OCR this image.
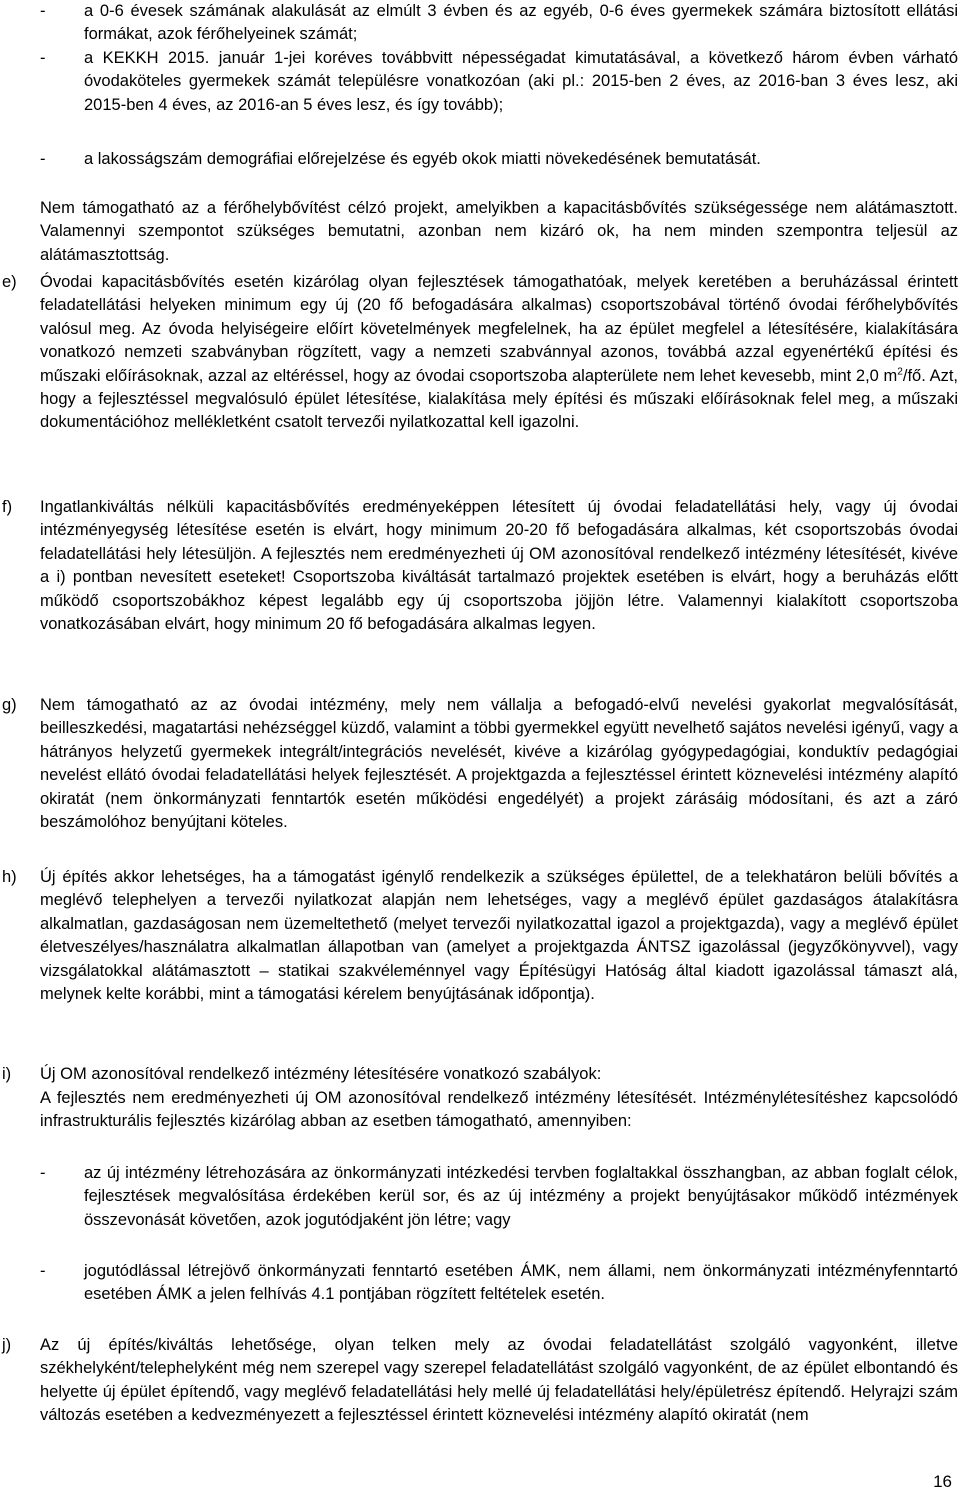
-	a 0-6 évesek számának alakulását az elmúlt 3 évben és az egyéb, 0-6 éves gyermekek számára biztosított ellátási formákat, azok férőhelyeinek számát;
-	a KEKKH 2015. január 1-jei koréves továbbvitt népességadat kimutatásával, a következő három évben várható óvodaköteles gyermekek számát településre vonatkozóan (aki pl.: 2015-ben 2 éves, az 2016-ban 3 éves lesz, aki 2015-ben 4 éves, az 2016-an 5 éves lesz, és így tovább);
-	a lakosságszám demográfiai előrejelzése és egyéb okok miatti növekedésének bemutatását.
Nem támogatható az a férőhelybővítést célzó projekt, amelyikben a kapacitásbővítés szükségessége nem alátámasztott. Valamennyi szempontot szükséges bemutatni, azonban nem kizáró ok, ha nem minden szempontra teljesül az alátámasztottság.
e)	Óvodai kapacitásbővítés esetén kizárólag olyan fejlesztések támogathatóak, melyek keretében a beruházással érintett feladatellátási helyeken minimum egy új (20 fő befogadására alkalmas) csoportszobával történő óvodai férőhelybővítés valósul meg. Az óvoda helyiségeire előírt követelmények megfelelnek, ha az épület megfelel a létesítésére, kialakítására vonatkozó nemzeti szabványban rögzített, vagy a nemzeti szabvánnyal azonos, továbbá azzal egyenértékű építési és műszaki előírásoknak, azzal az eltéréssel, hogy az óvodai csoportszoba alapterülete nem lehet kevesebb, mint 2,0 $m^2/fő$. Azt, hogy a fejlesztéssel megvalósuló épület létesítése, kialakítása mely építési és műszaki előírásoknak felel meg, a műszaki dokumentációhoz mellékletként csatolt tervezői nyilatkozattal kell igazolni.
f)	Ingatlankiváltás nélküli kapacitásbővítés eredményeképpen létesített új óvodai feladatellátási hely, vagy új óvodai intézményegység létesítése esetén is elvárt, hogy minimum 20-20 fő befogadására alkalmas, két csoportszobás óvodai feladatellátási hely létesüljön. A fejlesztés nem eredményezheti új OM azonosítóval rendelkező intézmény létesítését, kivéve a i) pontban nevesített eseteket! Csoportszoba kiváltását tartalmazó projektek esetében is elvárt, hogy a beruházás előtt működő csoportszobákhoz képest legalább egy új csoportszoba jöjjön létre. Valamennyi kialakított csoportszoba vonatkozásában elvárt, hogy minimum 20 fő befogadására alkalmas legyen.
g)	Nem támogatható az az óvodai intézmény, mely nem vállalja a befogadó-elvű nevelési gyakorlat megvalósítását, beilleszkedési, magatartási nehézséggel küzdő, valamint a többi gyermekkel együtt nevelhető sajátos nevelési igényű, vagy a hátrányos helyzetű gyermekek integrált/integrációs nevelését, kivéve a kizárólag gyógypedagógiai, konduktív pedagógiai nevelést ellátó óvodai feladatellátási helyek fejlesztését. A projektgazda a fejlesztéssel érintett köznevelési intézmény alapító okiratát (nem önkormányzati fenntartók esetén működési engedélyét) a projekt zárásáig módosítani, és azt a záró beszámolóhoz benyújtani köteles.
h)	Új építés akkor lehetséges, ha a támogatást igénylő rendelkezik a szükséges épülettel, de a telekhatáron belüli bővítés a meglévő telephelyen a tervezői nyilatkozat alapján nem lehetséges, vagy a meglévő épület gazdaságos átalakításra alkalmatlan, gazdaságosan nem üzemeltethető (melyet tervezői nyilatkozattal igazol a projektgazda), vagy a meglévő épület életveszélyes/használatra alkalmatlan állapotban van (amelyet a projektgazda ÁNTSZ igazolással (jegyzőkönyvvel), vagy vizsgálatokkal alátámasztott – statikai szakvéleménnyel vagy Építésügyi Hatóság által kiadott igazolással támaszt alá, melynek kelte korábbi, mint a támogatási kérelem benyújtásának időpontja).
i)	Új OM azonosítóval rendelkező intézmény létesítésére vonatkozó szabályok:
A fejlesztés nem eredményezheti új OM azonosítóval rendelkező intézmény létesítését. Intézménylétesítéshez kapcsolódó infrastrukturális fejlesztés kizárólag abban az esetben támogatható, amennyiben:
-	az új intézmény létrehozására az önkormányzati intézkedési tervben foglaltakkal összhangban, az abban foglalt célok, fejlesztések megvalósítása érdekében kerül sor, és az új intézmény a projekt benyújtásakor működő intézmények összevonását követően, azok jogutódjaként jön létre; vagy
-	jogutódlással létrejövő önkormányzati fenntartó esetében ÁMK, nem állami, nem önkormányzati intézményfenntartó esetében ÁMK a jelen felhívás 4.1 pontjában rögzített feltételek esetén.
j)	Az új építés/kiváltás lehetősége, olyan telken mely az óvodai feladatellátást szolgáló vagyonként, illetve székhelyként/telephelyként még nem szerepel vagy szerepel feladatellátást szolgáló vagyonként, de az épület elbontandó és helyette új épület építendő, vagy meglévő feladatellátási hely mellé új feladatellátási hely/épületrész építendő. Helyrajzi szám változás esetében a kedvezményezett a fejlesztéssel érintett köznevelési intézmény alapító okiratát (nem
16
